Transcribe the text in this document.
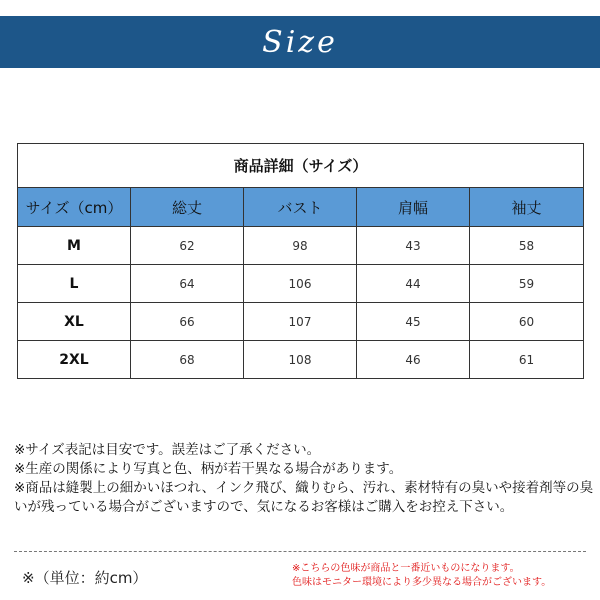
Size
商品詳細（サイズ）				
サイズ（cm）	総丈	バスト	肩幅	袖丈
M	62	98	43	58
L	64	106	44	59
XL	66	107	45	60
2XL	68	108	46	61

※サイズ表記は目安です。誤差はご了承ください。

※生産の関係により写真と色、柄が若干異なる場合があります。

※商品は縫製上の細かいほつれ、インク飛び、織りむら、汚れ、素材特有の臭いや接着剤等の臭いが残っている場合がございますので、気になるお客様はご購入をお控え下さい。

※（単位：約cm）

※こちらの色味が商品と一番近いものになります。

色味はモニター環境により多少異なる場合がございます。
